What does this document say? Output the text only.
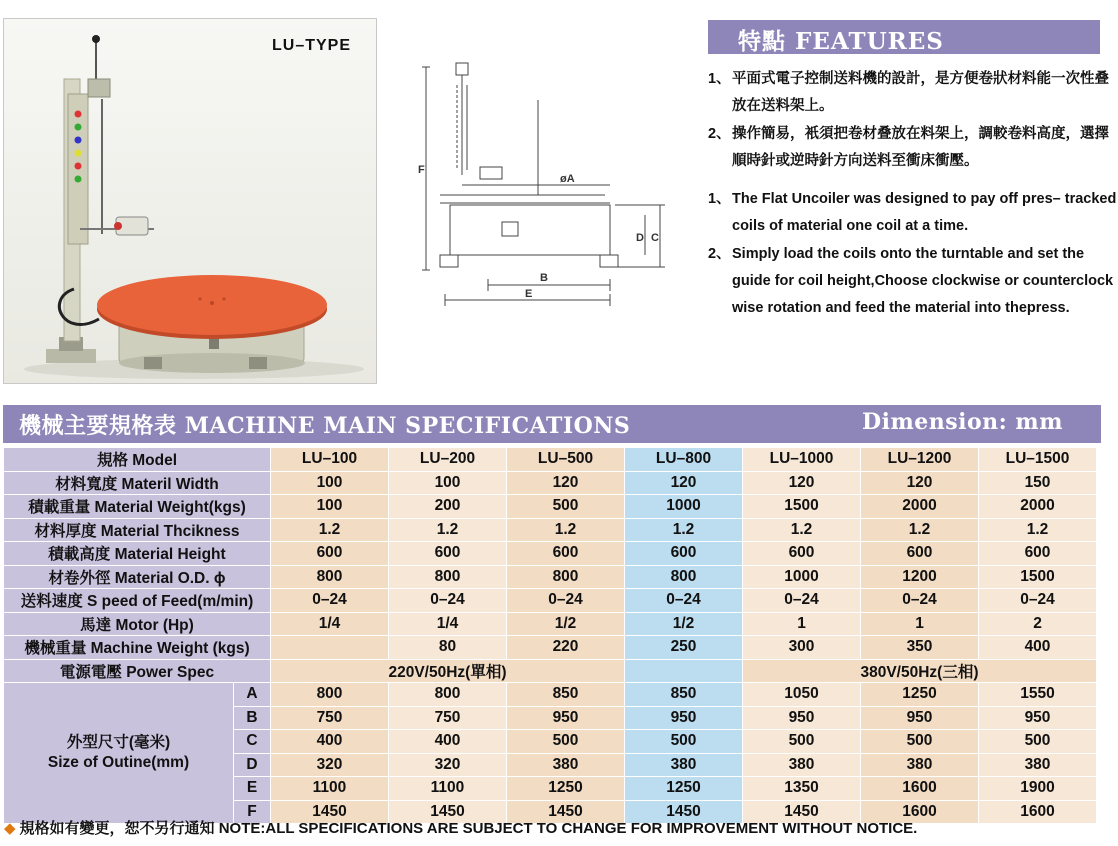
LU–TYPE
F
øA
D C
B
E
特點 FEATURES
1、 平面式電子控制送料機的設計，是方便卷狀材料能一次性叠放在送料架上。
2、 操作簡易，衹須把卷材叠放在料架上，調較卷料高度，選擇順時針或逆時針方向送料至衝床衝壓。
1、 The Flat Uncoiler was designed to pay off pres– tracked coils of material one coil at a time.
2、 Simply load the coils onto the turntable and set the guide for coil height,Choose clockwise or counterclock wise rotation and feed the material into thepress.
機械主要規格表 MACHINE MAIN SPECIFICATIONS	Dimension: mm
規格 Model		LU–100	LU–200	LU–500	LU–800	LU–1000	LU–1200	LU–1500
材料寬度 Materil Width		100	100	120	120	120	120	150
積載重量 Material Weight(kgs)		100	200	500	1000	1500	2000	2000
材料厚度 Material Thcikness		1.2	1.2	1.2	1.2	1.2	1.2	1.2
積載高度 Material Height		600	600	600	600	600	600	600
材卷外徑 Material O.D. ϕ		800	800	800	800	1000	1200	1500
送料速度 S peed of Feed(m/min)		0–24	0–24	0–24	0–24	0–24	0–24	0–24
馬達 Motor (Hp)		1/4	1/4	1/2	1/2	1	1	2
機械重量 Machine Weight (kgs)			80	220	250	300	350	400
電源電壓 Power Spec		220V/50Hz(單相)				380V/50Hz(三相)		
外型尺寸(毫米)
Size of Outine(mm)	A	800	800	850	850	1050	1250	1550
	B	750	750	950	950	950	950	950
	C	400	400	500	500	500	500	500
	D	320	320	380	380	380	380	380
	E	1100	1100	1250	1250	1350	1600	1900
	F	1450	1450	1450	1450	1450	1600	1600
◆ 規格如有變更，恕不另行通知 NOTE:ALL SPECIFICATIONS ARE SUBJECT TO CHANGE FOR IMPROVEMENT WITHOUT NOTICE.
